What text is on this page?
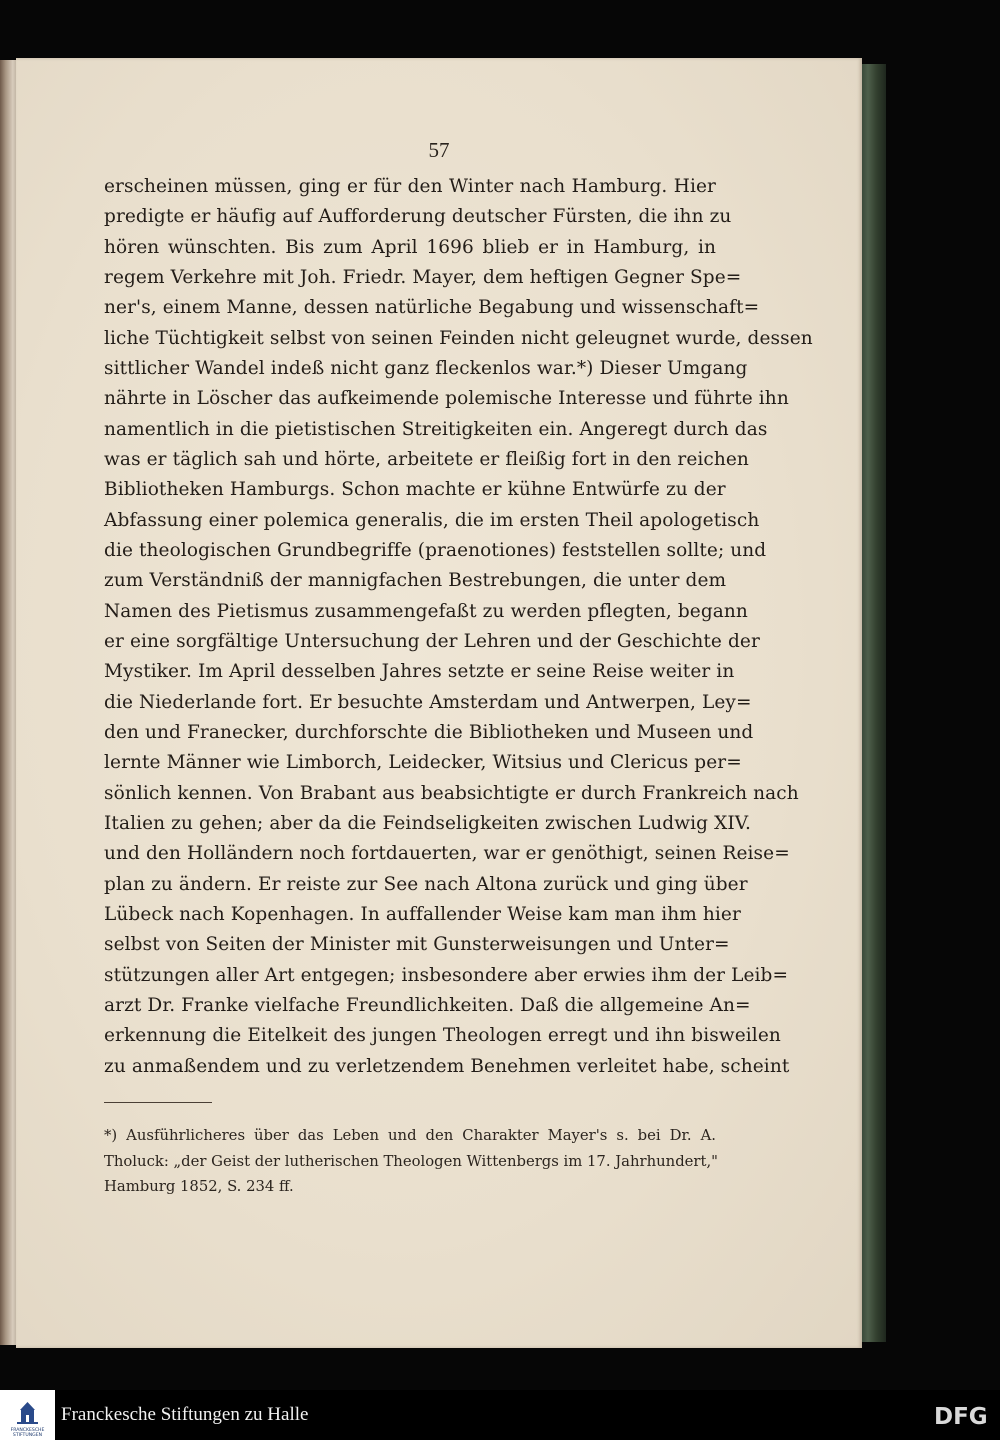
57
erscheinen müssen, ging er für den Winter nach Hamburg. Hier
predigte er häufig auf Aufforderung deutscher Fürsten, die ihn zu
hören wünschten. Bis zum April 1696 blieb er in Hamburg, in
regem Verkehre mit Joh. Friedr. Mayer, dem heftigen Gegner Spe=
ner's, einem Manne, dessen natürliche Begabung und wissenschaft=
liche Tüchtigkeit selbst von seinen Feinden nicht geleugnet wurde, dessen
sittlicher Wandel indeß nicht ganz fleckenlos war.*) Dieser Umgang
nährte in Löscher das aufkeimende polemische Interesse und führte ihn
namentlich in die pietistischen Streitigkeiten ein. Angeregt durch das
was er täglich sah und hörte, arbeitete er fleißig fort in den reichen
Bibliotheken Hamburgs. Schon machte er kühne Entwürfe zu der
Abfassung einer polemica generalis, die im ersten Theil apologetisch
die theologischen Grundbegriffe (praenotiones) feststellen sollte; und
zum Verständniß der mannigfachen Bestrebungen, die unter dem
Namen des Pietismus zusammengefaßt zu werden pflegten, begann
er eine sorgfältige Untersuchung der Lehren und der Geschichte der
Mystiker. Im April desselben Jahres setzte er seine Reise weiter in
die Niederlande fort. Er besuchte Amsterdam und Antwerpen, Ley=
den und Franecker, durchforschte die Bibliotheken und Museen und
lernte Männer wie Limborch, Leidecker, Witsius und Clericus per=
sönlich kennen. Von Brabant aus beabsichtigte er durch Frankreich nach
Italien zu gehen; aber da die Feindseligkeiten zwischen Ludwig XIV.
und den Holländern noch fortdauerten, war er genöthigt, seinen Reise=
plan zu ändern. Er reiste zur See nach Altona zurück und ging über
Lübeck nach Kopenhagen. In auffallender Weise kam man ihm hier
selbst von Seiten der Minister mit Gunsterweisungen und Unter=
stützungen aller Art entgegen; insbesondere aber erwies ihm der Leib=
arzt Dr. Franke vielfache Freundlichkeiten. Daß die allgemeine An=
erkennung die Eitelkeit des jungen Theologen erregt und ihn bisweilen
zu anmaßendem und zu verletzendem Benehmen verleitet habe, scheint
*) Ausführlicheres über das Leben und den Charakter Mayer's s. bei Dr. A.
Tholuck: „der Geist der lutherischen Theologen Wittenbergs im 17. Jahrhundert,"
Hamburg 1852, S. 234 ff.
FRANCKESCHE
STIFTUNGEN
Franckesche Stiftungen zu Halle	DFG
